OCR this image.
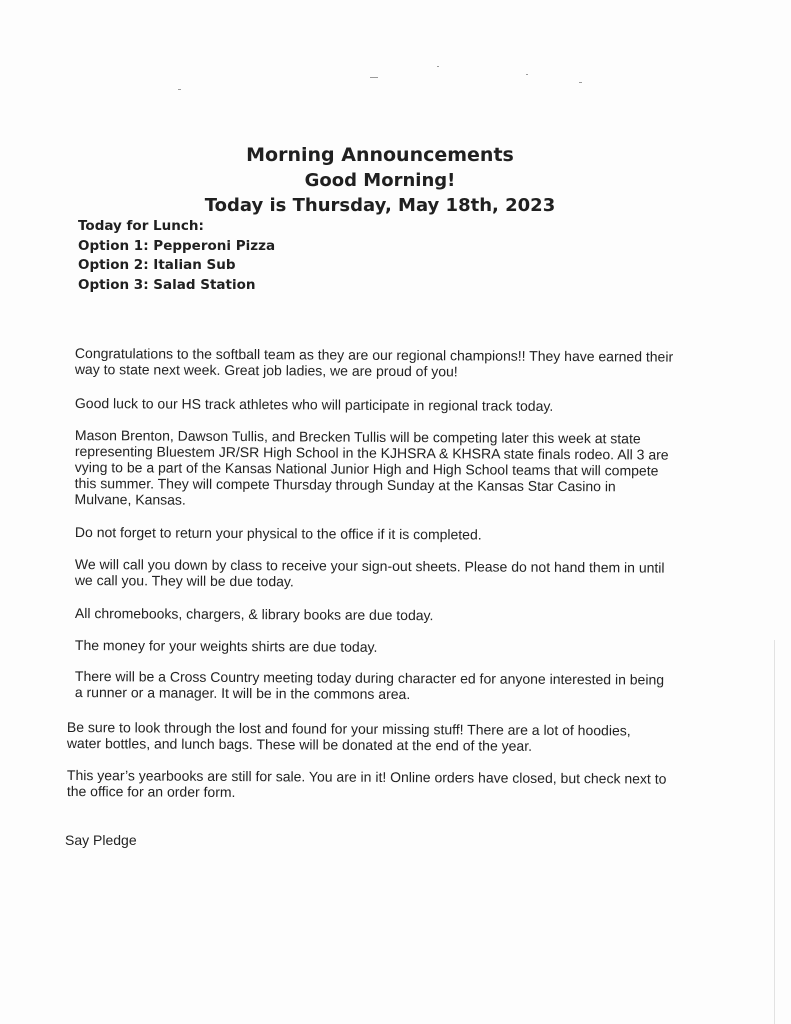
Morning Announcements
Good Morning!
Today is Thursday, May 18th, 2023
Today for Lunch:
Option 1: Pepperoni Pizza
Option 2: Italian Sub
Option 3: Salad Station
Congratulations to the softball team as they are our regional champions!! They have earned their way to state next week. Great job ladies, we are proud of you!
Good luck to our HS track athletes who will participate in regional track today.
Mason Brenton, Dawson Tullis, and Brecken Tullis will be competing later this week at state representing Bluestem JR/SR High School in the KJHSRA & KHSRA state finals rodeo. All 3 are vying to be a part of the Kansas National Junior High and High School teams that will compete this summer. They will compete Thursday through Sunday at the Kansas Star Casino in Mulvane, Kansas.
Do not forget to return your physical to the office if it is completed.
We will call you down by class to receive your sign-out sheets. Please do not hand them in until we call you. They will be due today.
All chromebooks, chargers, & library books are due today.
The money for your weights shirts are due today.
There will be a Cross Country meeting today during character ed for anyone interested in being a runner or a manager. It will be in the commons area.
Be sure to look through the lost and found for your missing stuff! There are a lot of hoodies, water bottles, and lunch bags. These will be donated at the end of the year.
This year’s yearbooks are still for sale. You are in it! Online orders have closed, but check next to the office for an order form.
Say Pledge
